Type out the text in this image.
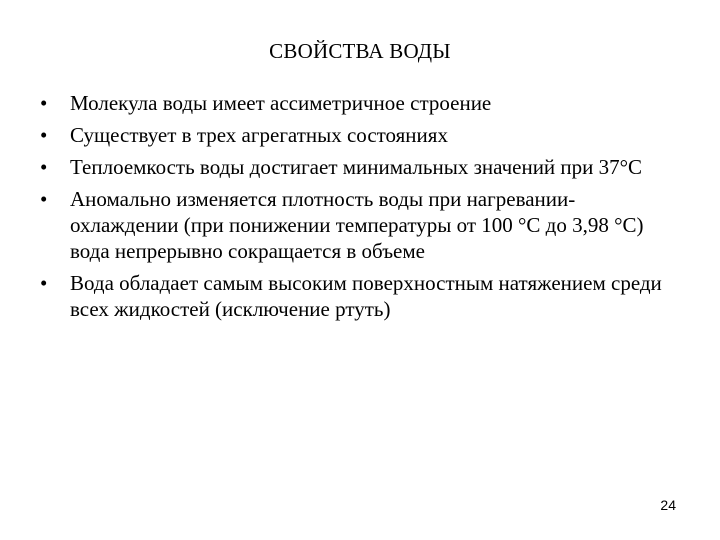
СВОЙСТВА ВОДЫ
•	Молекула воды имеет ассиметричное строение
•	Существует в трех агрегатных состояниях
•	Теплоемкость воды достигает минимальных значений при 37°С
•	Аномально изменяется плотность воды при нагревании- охлаждении (при понижении температуры от 100 °С до 3,98 °С) вода непрерывно сокращается в объеме
•	Вода обладает самым высоким поверхностным натяжением среди всех жидкостей (исключение ртуть)
24
